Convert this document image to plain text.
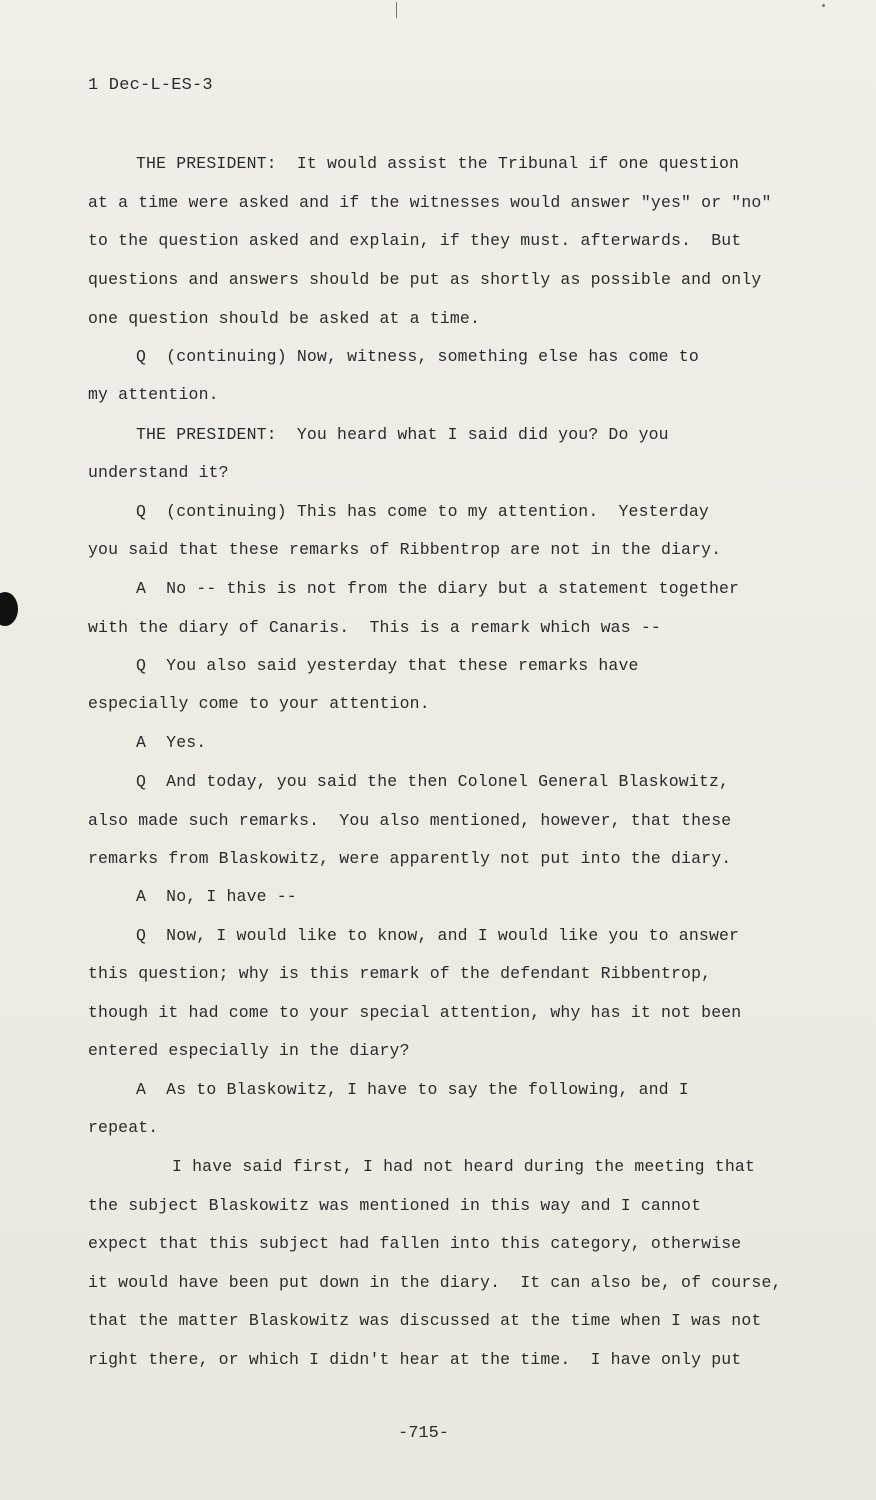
1 Dec-L-ES-3
THE PRESIDENT:  It would assist the Tribunal if one question
at a time were asked and if the witnesses would answer "yes" or "no"
to the question asked and explain, if they must. afterwards.  But
questions and answers should be put as shortly as possible and only
one question should be asked at a time.
Q  (continuing) Now, witness, something else has come to
my attention.
THE PRESIDENT:  You heard what I said did you? Do you
understand it?
Q  (continuing) This has come to my attention.  Yesterday
you said that these remarks of Ribbentrop are not in the diary.
A  No -- this is not from the diary but a statement together
with the diary of Canaris.  This is a remark which was --
Q  You also said yesterday that these remarks have
especially come to your attention.
A  Yes.
Q  And today, you said the then Colonel General Blaskowitz,
also made such remarks.  You also mentioned, however, that these
remarks from Blaskowitz, were apparently not put into the diary.
A  No, I have --
Q  Now, I would like to know, and I would like you to answer
this question; why is this remark of the defendant Ribbentrop,
though it had come to your special attention, why has it not been
entered especially in the diary?
A  As to Blaskowitz, I have to say the following, and I
repeat.
I have said first, I had not heard during the meeting that
the subject Blaskowitz was mentioned in this way and I cannot
expect that this subject had fallen into this category, otherwise
it would have been put down in the diary.  It can also be, of course,
that the matter Blaskowitz was discussed at the time when I was not
right there, or which I didn't hear at the time.  I have only put
-715-
